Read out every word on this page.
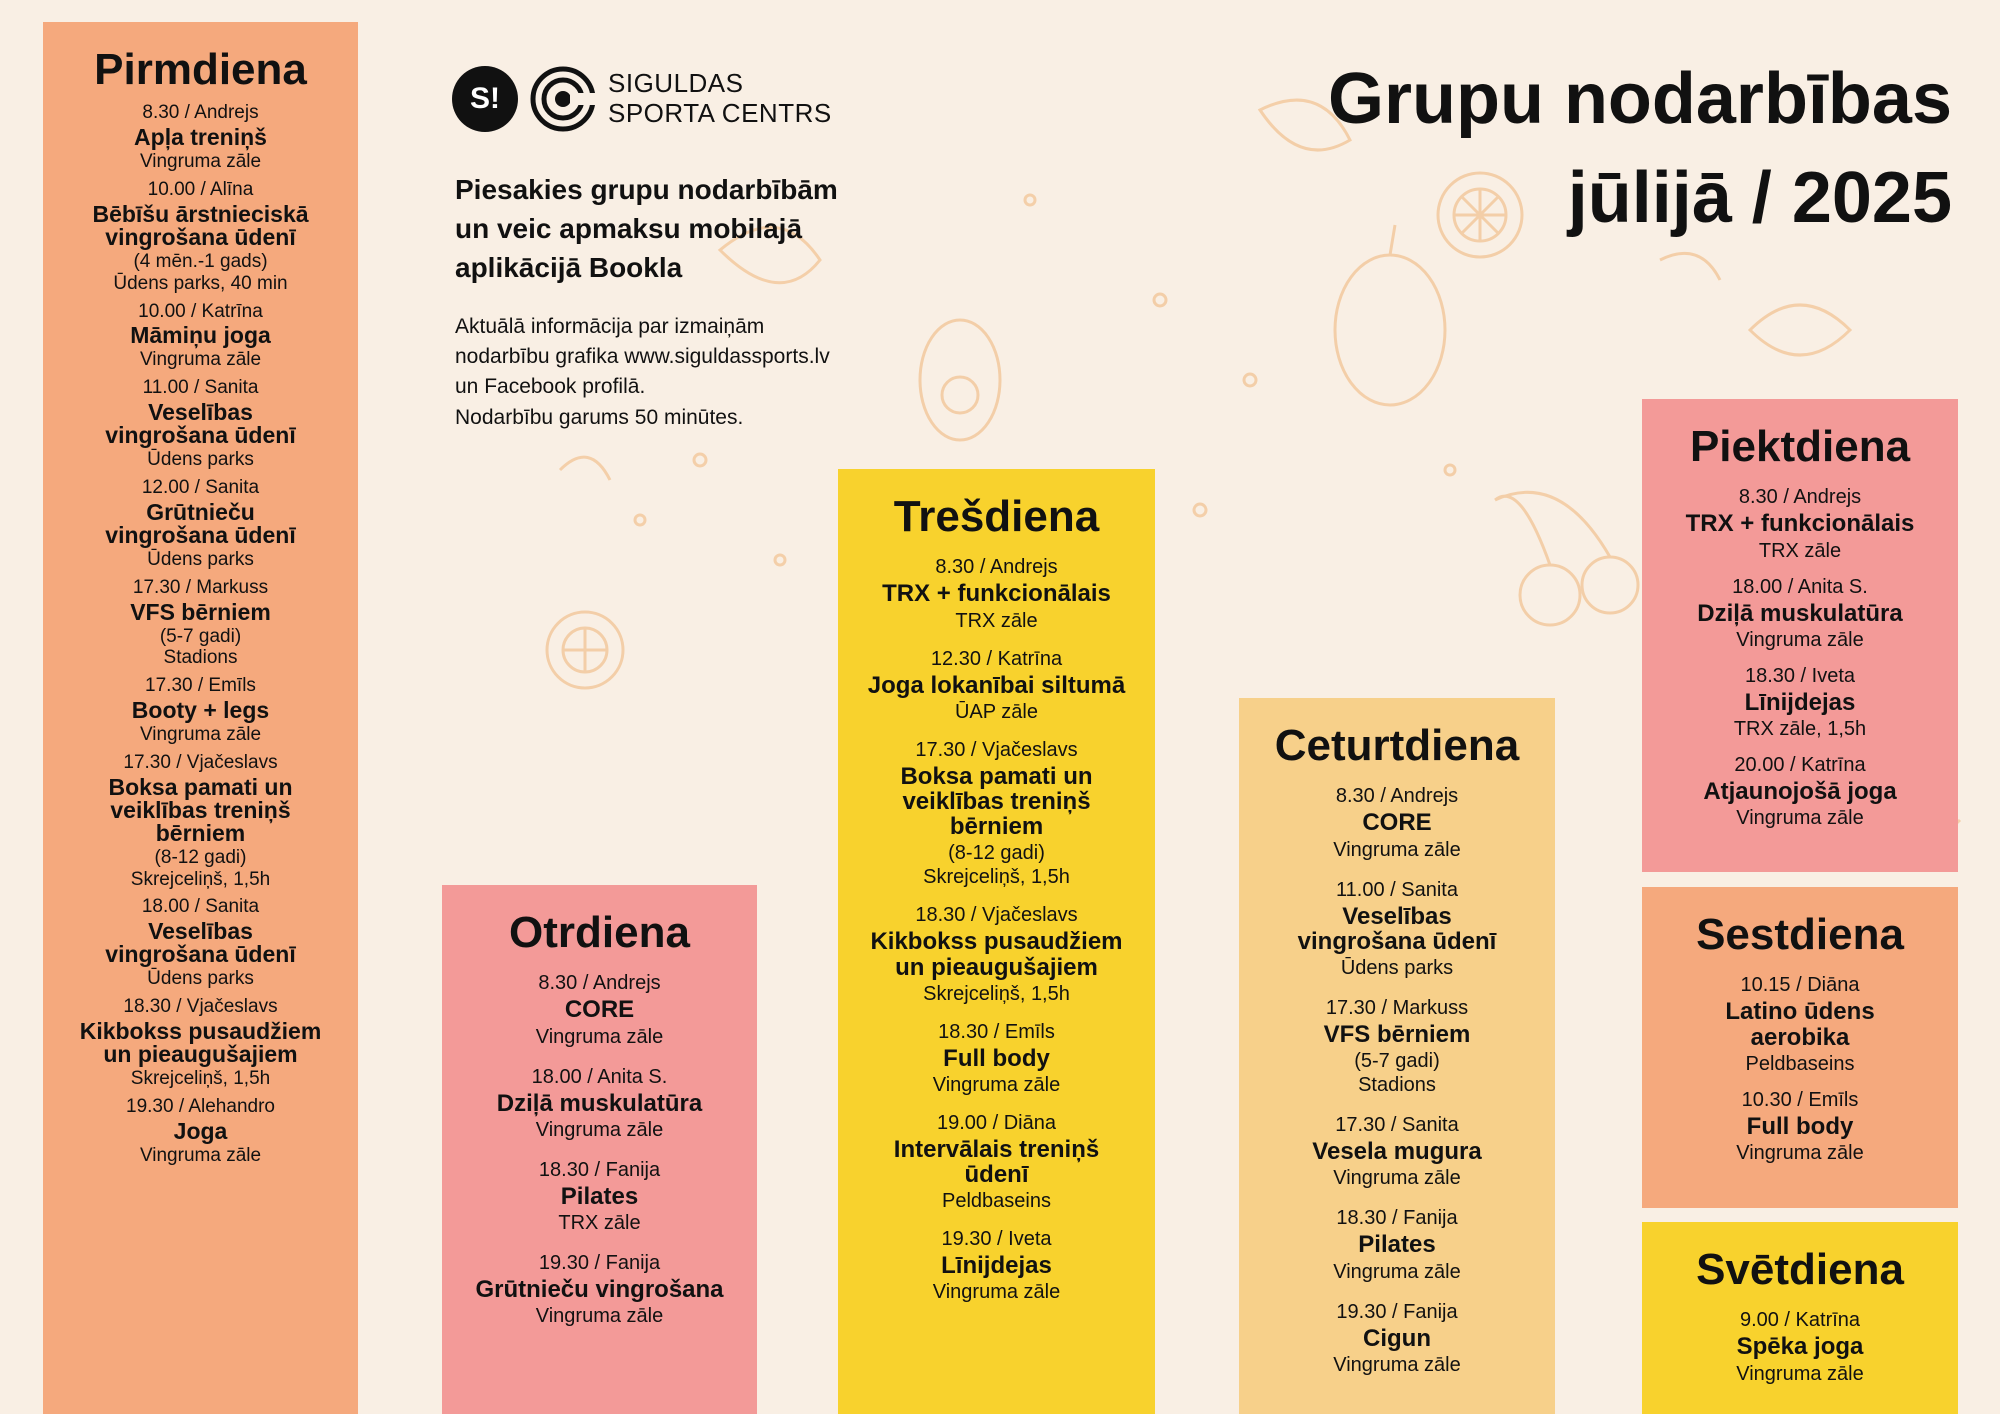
S!	SIGULDAS
SPORTA CENTRS
Piesakies grupu nodarbībām
un veic apmaksu mobilajā
aplikācijā Bookla
Aktuālā informācija par izmaiņām
nodarbību grafika www.siguldassports.lv
un Facebook profilā.
Nodarbību garums 50 minūtes.
Grupu nodarbības
jūlijā / 2025
Pirmdiena
8.30 / Andrejs
Apļa treniņš
Vingruma zāle
10.00 / Alīna
Bēbīšu ārstnieciskā
vingrošana ūdenī
(4 mēn.-1 gads)
Ūdens parks, 40 min
10.00 / Katrīna
Māmiņu joga
Vingruma zāle
11.00 / Sanita
Veselības
vingrošana ūdenī
Ūdens parks
12.00 / Sanita
Grūtnieču
vingrošana ūdenī
Ūdens parks
17.30 / Markuss
VFS bērniem
(5-7 gadi)
Stadions
17.30 / Emīls
Booty + legs
Vingruma zāle
17.30 / Vjačeslavs
Boksa pamati un
veiklības treniņš
bērniem
(8-12 gadi)
Skrejceliņš, 1,5h
18.00 / Sanita
Veselības
vingrošana ūdenī
Ūdens parks
18.30 / Vjačeslavs
Kikbokss pusaudžiem
un pieaugušajiem
Skrejceliņš, 1,5h
19.30 / Alehandro
Joga
Vingruma zāle
Otrdiena
8.30 / Andrejs
CORE
Vingruma zāle
18.00 / Anita S.
Dziļā muskulatūra
Vingruma zāle
18.30 / Fanija
Pilates
TRX zāle
19.30 / Fanija
Grūtnieču vingrošana
Vingruma zāle
Trešdiena
8.30 / Andrejs
TRX + funkcionālais
TRX zāle
12.30 / Katrīna
Joga lokanībai siltumā
ŪAP zāle
17.30 / Vjačeslavs
Boksa pamati un
veiklības treniņš
bērniem
(8-12 gadi)
Skrejceliņš, 1,5h
18.30 / Vjačeslavs
Kikbokss pusaudžiem
un pieaugušajiem
Skrejceliņš, 1,5h
18.30 / Emīls
Full body
Vingruma zāle
19.00 / Diāna
Intervālais treniņš
ūdenī
Peldbaseins
19.30 / Iveta
Līnijdejas
Vingruma zāle
Ceturtdiena
8.30 / Andrejs
CORE
Vingruma zāle
11.00 / Sanita
Veselības
vingrošana ūdenī
Ūdens parks
17.30 / Markuss
VFS bērniem
(5-7 gadi)
Stadions
17.30 / Sanita
Vesela mugura
Vingruma zāle
18.30 / Fanija
Pilates
Vingruma zāle
19.30 / Fanija
Cigun
Vingruma zāle
Piektdiena
8.30 / Andrejs
TRX + funkcionālais
TRX zāle
18.00 / Anita S.
Dziļā muskulatūra
Vingruma zāle
18.30 / Iveta
Līnijdejas
TRX zāle, 1,5h
20.00 / Katrīna
Atjaunojošā joga
Vingruma zāle
Sestdiena
10.15 / Diāna
Latino ūdens
aerobika
Peldbaseins
10.30 / Emīls
Full body
Vingruma zāle
Svētdiena
9.00 / Katrīna
Spēka joga
Vingruma zāle
